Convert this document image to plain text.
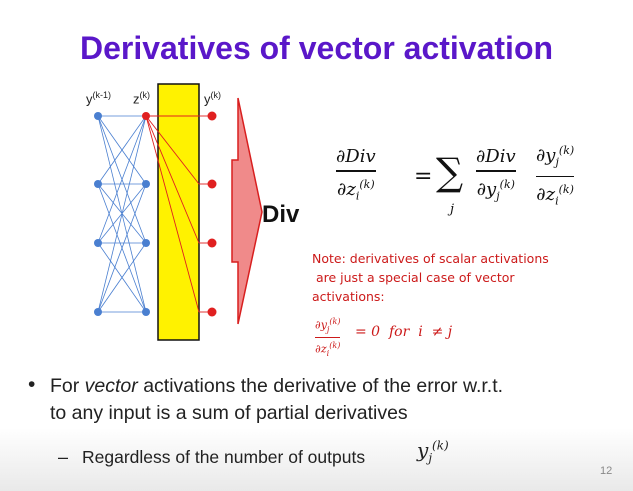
Derivatives of vector activation
$y^{(k-1)}$ $z^{(k)}$	$y^{(k)}$
Div
∂Div
$\partial z_i^{(k)}$ = ∑
j
∂Div
$\partial y_j^{(k)}$
$\partial y_j^{(k)}$
$\partial z_i^{(k)}$
Note: derivatives of scalar activations
are just a special case of vector
activations:
$\partial y_j^{(k)}$
$\partial z_i^{(k)}$
= 0  for  i  ≠ j
• For vector activations the derivative of the error w.r.t.
to any input is a sum of partial derivatives
– Regardless of the number of outputs	$y_j^{(k)}$
12
